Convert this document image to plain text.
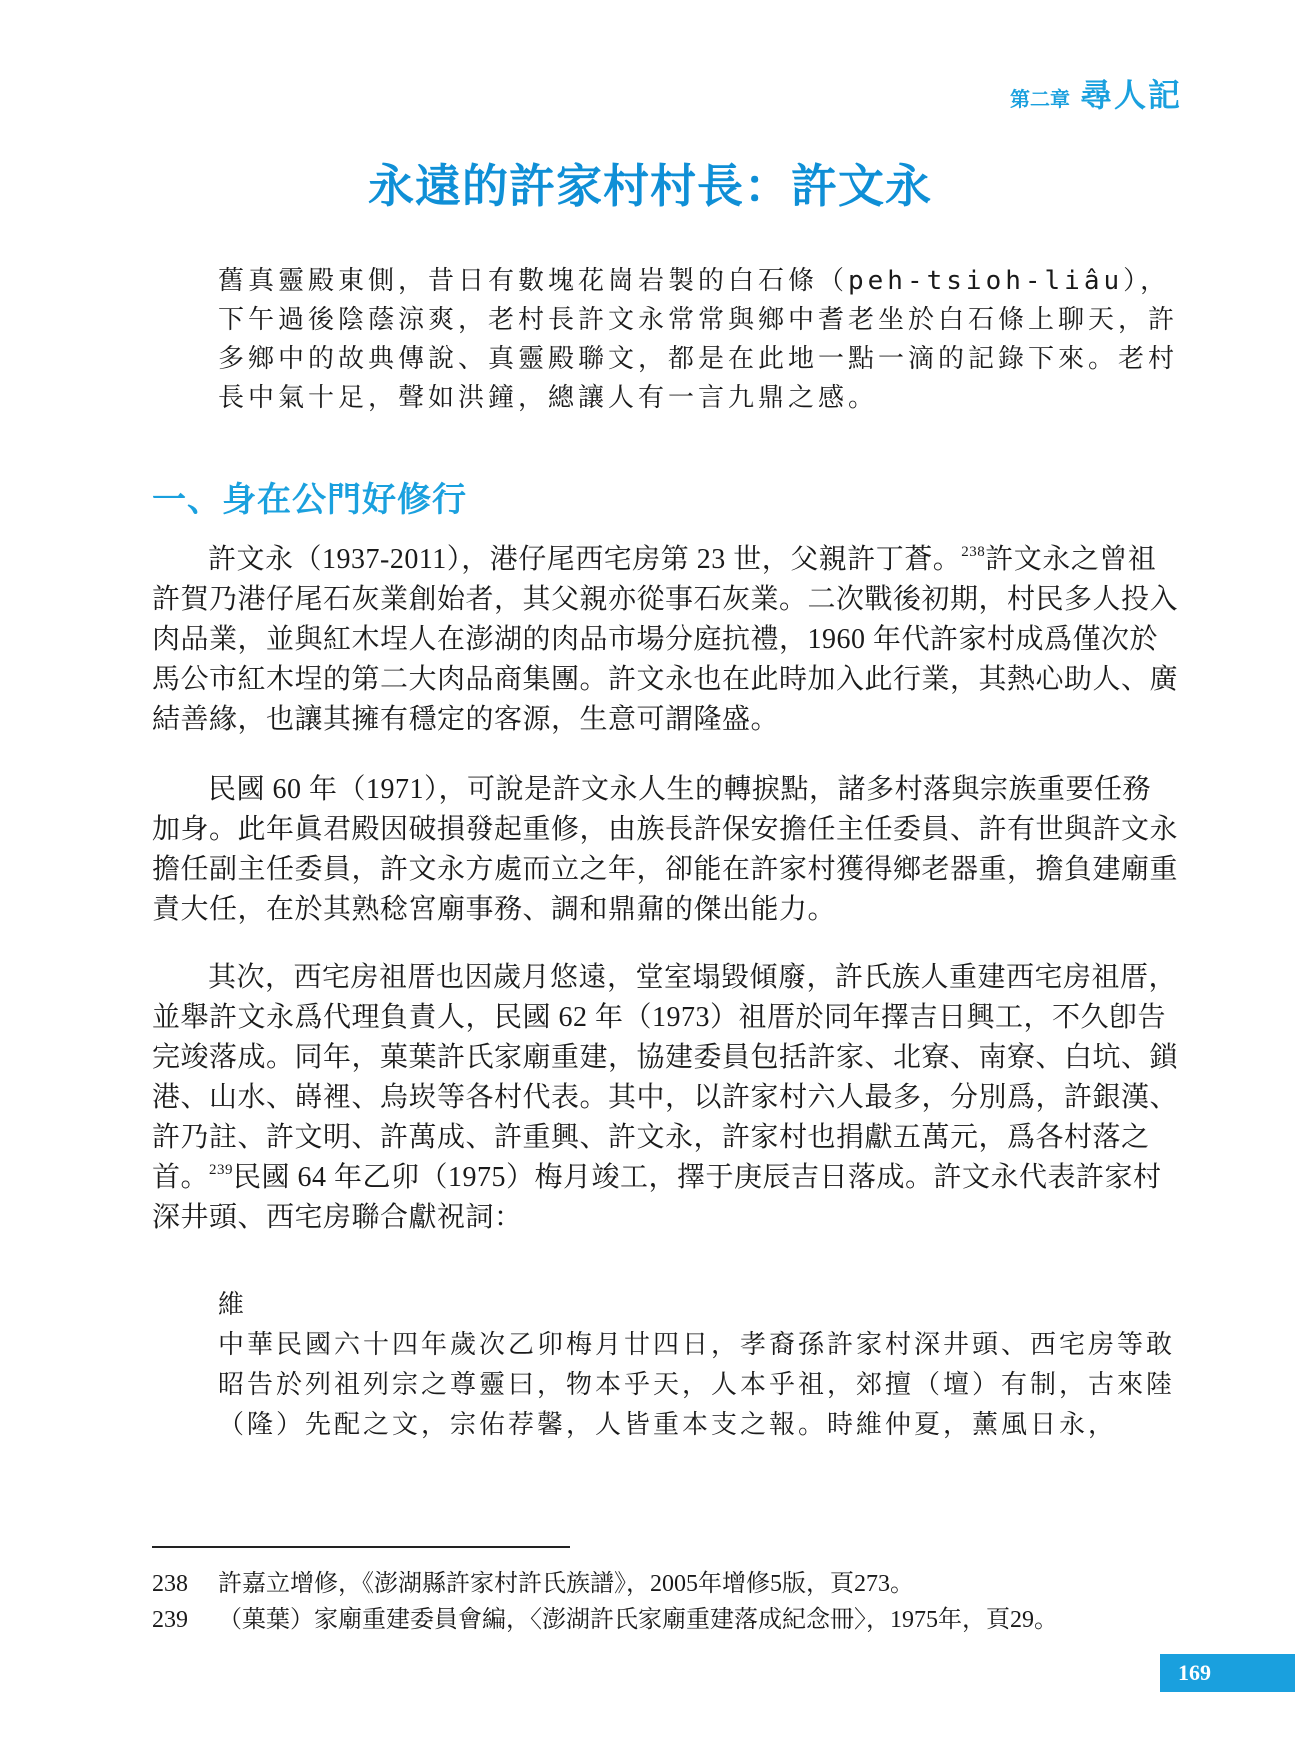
第二章 尋人記
永遠的許家村村長：許文永

舊真靈殿東側，昔日有數塊花崗岩製的白石條（peh-tsioh-liâu），下午過後陰蔭涼爽，老村長許文永常常與鄉中耆老坐於白石條上聊天，許多鄉中的故典傳說、真靈殿聯文，都是在此地一點一滴的記錄下來。老村長中氣十足，聲如洪鐘，總讓人有一言九鼎之感。

一、身在公門好修行

許文永（1937-2011），港仔尾西宅房第 23 世，父親許丁蒼。$^{238}$許文永之曾祖許賀乃港仔尾石灰業創始者，其父親亦從事石灰業。二次戰後初期，村民多人投入肉品業，並與紅木埕人在澎湖的肉品市場分庭抗禮，1960 年代許家村成爲僅次於馬公市紅木埕的第二大肉品商集團。許文永也在此時加入此行業，其熱心助人、廣結善緣，也讓其擁有穩定的客源，生意可謂隆盛。

民國 60 年（1971），可說是許文永人生的轉捩點，諸多村落與宗族重要任務加身。此年眞君殿因破損發起重修，由族長許保安擔任主任委員、許有世與許文永擔任副主任委員，許文永方處而立之年，卻能在許家村獲得鄉老器重，擔負建廟重責大任，在於其熟稔宮廟事務、調和鼎鼐的傑出能力。

其次，西宅房祖厝也因歲月悠遠，堂室塌毀傾廢，許氏族人重建西宅房祖厝，並舉許文永爲代理負責人，民國 62 年（1973）祖厝於同年擇吉日興工，不久卽告完竣落成。同年，菓葉許氏家廟重建，協建委員包括許家、北寮、南寮、白坑、鎖港、山水、嵵裡、烏崁等各村代表。其中，以許家村六人最多，分別爲，許銀漢、許乃註、許文明、許萬成、許重興、許文永，許家村也捐獻五萬元，爲各村落之首。$^{239}$民國 64 年乙卯（1975）梅月竣工，擇于庚辰吉日落成。許文永代表許家村深井頭、西宅房聯合獻祝詞：

維
中華民國六十四年歲次乙卯梅月廿四日，孝裔孫許家村深井頭、西宅房等敢昭告於列祖列宗之尊靈曰，物本乎天，人本乎祖，郊擅（壇）有制，古來陸（隆）先配之文，宗佑荐馨，人皆重本支之報。時維仲夏，薰風日永，
238	許嘉立增修，《澎湖縣許家村許氏族譜》，2005年增修5版，頁273。
239	（菓葉）家廟重建委員會編，〈澎湖許氏家廟重建落成紀念冊〉，1975年，頁29。
169
